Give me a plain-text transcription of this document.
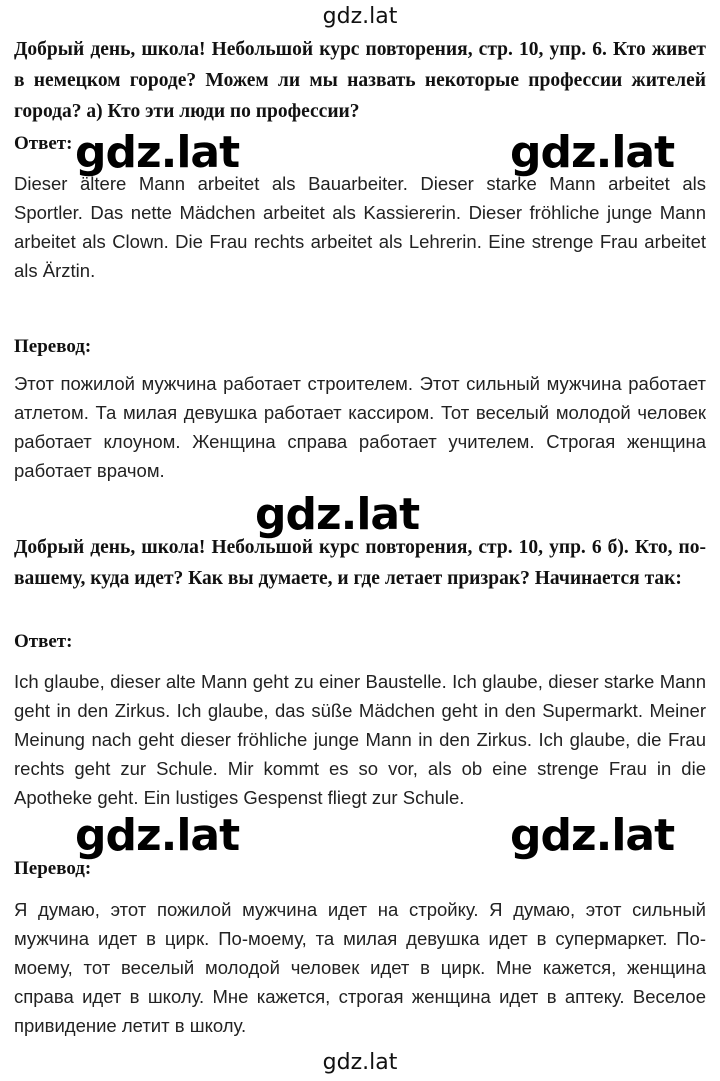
gdz.lat

Добрый день, школа! Небольшой курс повторения, стр. 10, упр. 6. Кто живет в немецком городе? Можем ли мы назвать некоторые профессии жителей города? а) Кто эти люди по профессии?

Ответ:

Dieser ältere Mann arbeitet als Bauarbeiter. Dieser starke Mann arbeitet als Sportler. Das nette Mädchen arbeitet als Kassiererin. Dieser fröhliche junge Mann arbeitet als Clown. Die Frau rechts arbeitet als Lehrerin. Eine strenge Frau arbeitet als Ärztin.

Перевод:

Этот пожилой мужчина работает строителем. Этот сильный мужчина работает атлетом. Та милая девушка работает кассиром. Тот веселый молодой человек работает клоуном. Женщина справа работает учителем. Строгая женщина работает врачом.

Добрый день, школа! Небольшой курс повторения, стр. 10, упр. 6 б). Кто, по-вашему, куда идет? Как вы думаете, и где летает призрак? Начинается так:

Ответ:

Ich glaube, dieser alte Mann geht zu einer Baustelle. Ich glaube, dieser starke Mann geht in den Zirkus. Ich glaube, das süße Mädchen geht in den Supermarkt. Meiner Meinung nach geht dieser fröhliche junge Mann in den Zirkus. Ich glaube, die Frau rechts geht zur Schule. Mir kommt es so vor, als ob eine strenge Frau in die Apotheke geht. Ein lustiges Gespenst fliegt zur Schule.

Перевод:

Я думаю, этот пожилой мужчина идет на стройку. Я думаю, этот сильный мужчина идет в цирк. По-моему, та милая девушка идет в супермаркет. По-моему, тот веселый молодой человек идет в цирк. Мне кажется, женщина справа идет в школу. Мне кажется, строгая женщина идет в аптеку. Веселое привидение летит в школу.

gdz.lat	gdz.lat
gdz.lat
gdz.lat	gdz.lat
gdz.lat
